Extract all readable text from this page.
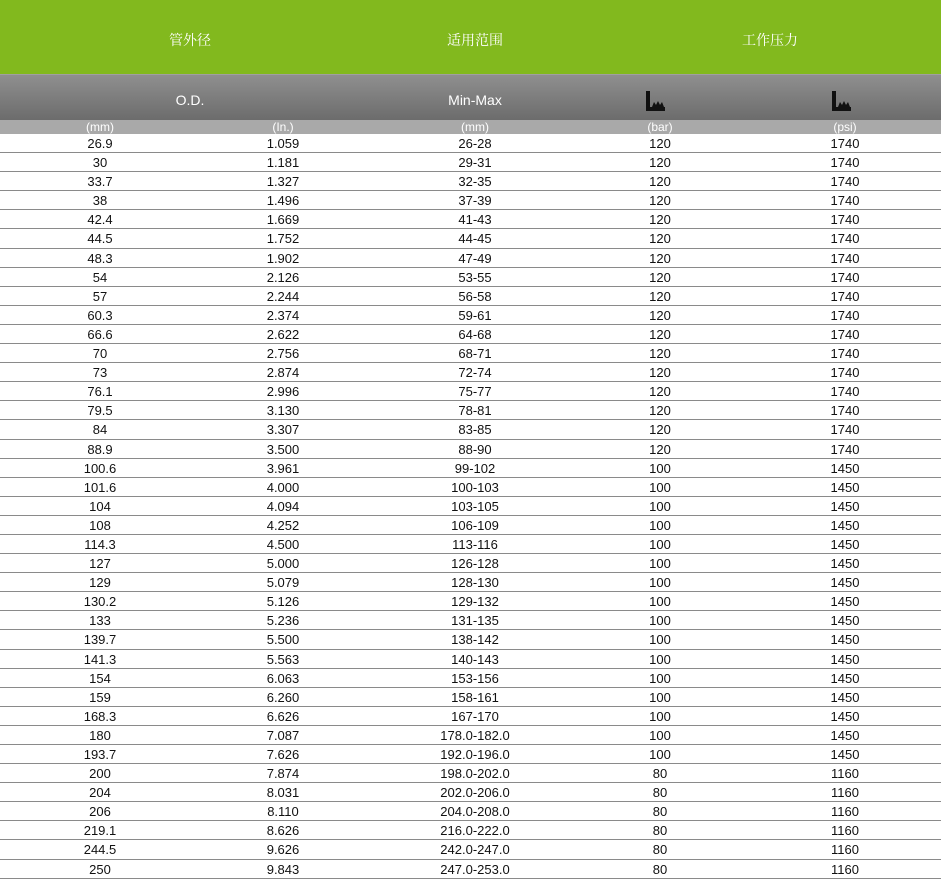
管外径	适用范围	工作压力
O.D.	Min-Max
(mm)	(In.)	(mm)	(bar)	(psi)
26.9	1.059	26-28	120	1740
30	1.181	29-31	120	1740
33.7	1.327	32-35	120	1740
38	1.496	37-39	120	1740
42.4	1.669	41-43	120	1740
44.5	1.752	44-45	120	1740
48.3	1.902	47-49	120	1740
54	2.126	53-55	120	1740
57	2.244	56-58	120	1740
60.3	2.374	59-61	120	1740
66.6	2.622	64-68	120	1740
70	2.756	68-71	120	1740
73	2.874	72-74	120	1740
76.1	2.996	75-77	120	1740
79.5	3.130	78-81	120	1740
84	3.307	83-85	120	1740
88.9	3.500	88-90	120	1740
100.6	3.961	99-102	100	1450
101.6	4.000	100-103	100	1450
104	4.094	103-105	100	1450
108	4.252	106-109	100	1450
114.3	4.500	113-116	100	1450
127	5.000	126-128	100	1450
129	5.079	128-130	100	1450
130.2	5.126	129-132	100	1450
133	5.236	131-135	100	1450
139.7	5.500	138-142	100	1450
141.3	5.563	140-143	100	1450
154	6.063	153-156	100	1450
159	6.260	158-161	100	1450
168.3	6.626	167-170	100	1450
180	7.087	178.0-182.0	100	1450
193.7	7.626	192.0-196.0	100	1450
200	7.874	198.0-202.0	80	1160
204	8.031	202.0-206.0	80	1160
206	8.110	204.0-208.0	80	1160
219.1	8.626	216.0-222.0	80	1160
244.5	9.626	242.0-247.0	80	1160
250	9.843	247.0-253.0	80	1160
